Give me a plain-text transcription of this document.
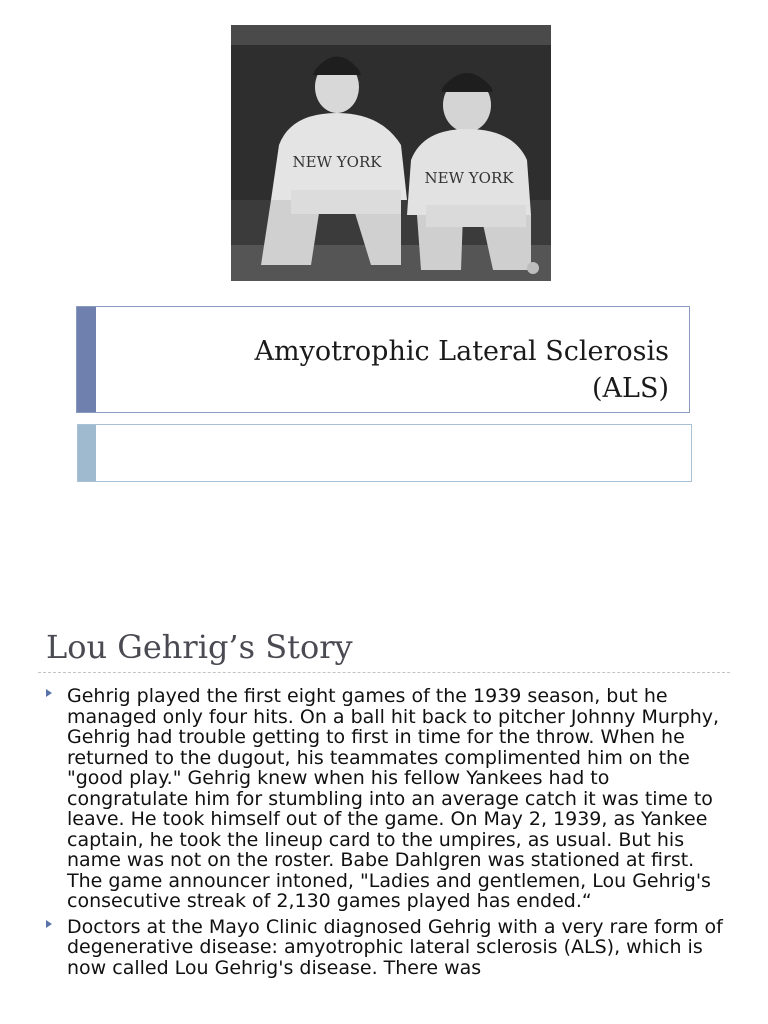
NEW YORK
NEW YORK
Amyotrophic Lateral Sclerosis
(ALS)
Lou Gehrig’s Story
Gehrig played the first eight games of the 1939 season, but he managed only four hits. On a ball hit back to pitcher Johnny Murphy, Gehrig had trouble getting to first in time for the throw. When he returned to the dugout, his teammates complimented him on the "good play." Gehrig knew when his fellow Yankees had to congratulate him for stumbling into an average catch it was time to leave. He took himself out of the game. On May 2, 1939, as Yankee captain, he took the lineup card to the umpires, as usual. But his name was not on the roster. Babe Dahlgren was stationed at first. The game announcer intoned, "Ladies and gentlemen, Lou Gehrig's consecutive streak of 2,130 games played has ended.“
Doctors at the Mayo Clinic diagnosed Gehrig with a very rare form of degenerative disease: amyotrophic lateral sclerosis (ALS), which is now called Lou Gehrig's disease. There was
